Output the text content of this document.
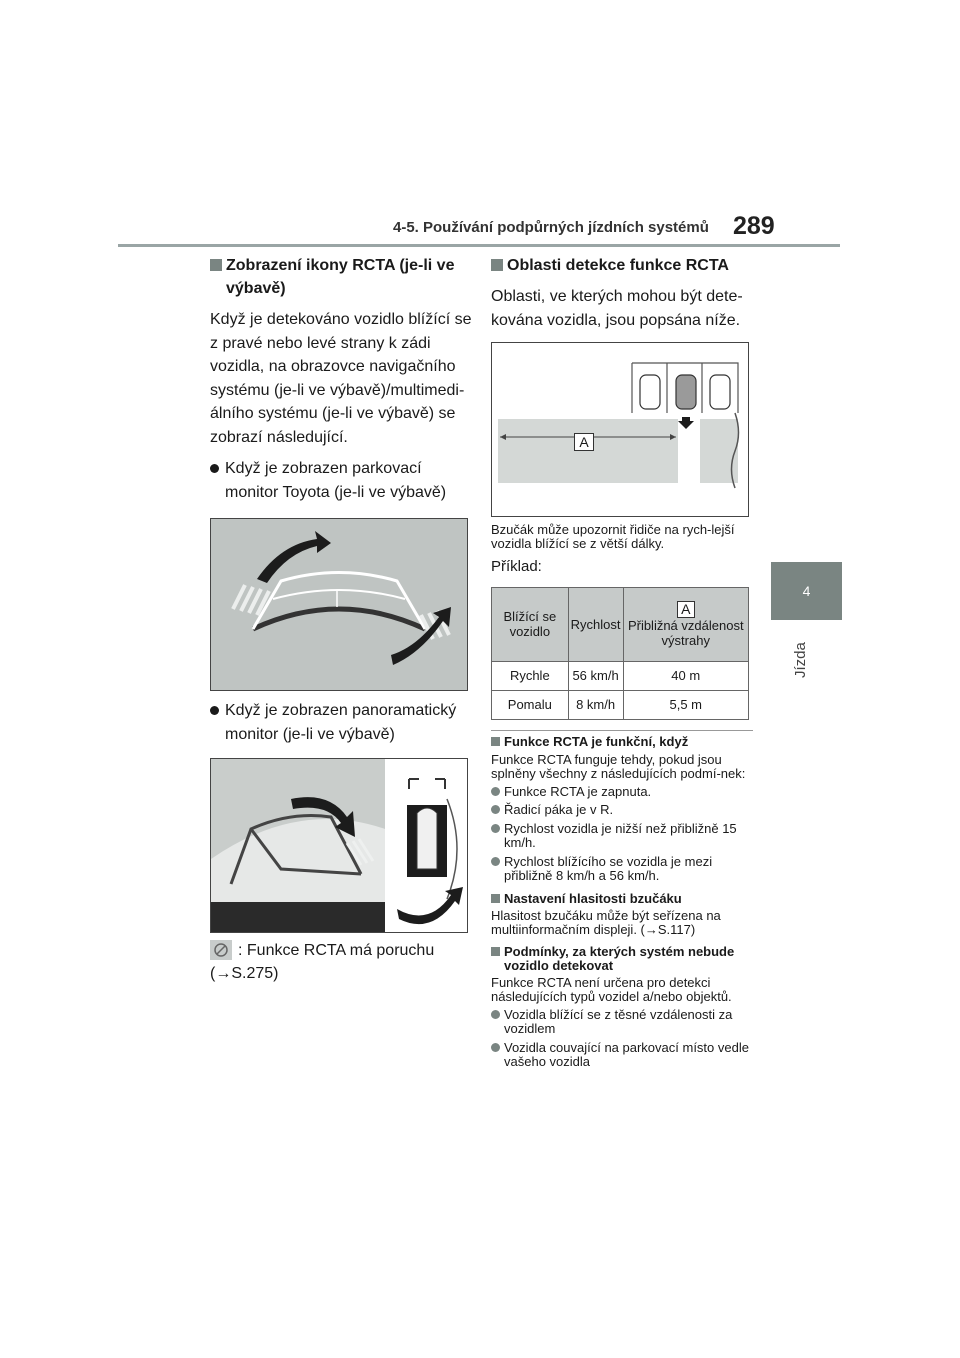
4-5. Používání podpůrných jízdních systémů 289
4
Jízda
Zobrazení ikony RCTA (je-li ve výbavě)
Když je detekováno vozidlo blížící se z pravé nebo levé strany k zádi vozidla, na obrazovce navigačního systému (je-li ve výbavě)/multimedi-álního systému (je-li ve výbavě) se zobrazí následující.
Když je zobrazen parkovací monitor Toyota (je-li ve výbavě)
Když je zobrazen panoramatický monitor (je-li ve výbavě)
: Funkce RCTA má poruchu
(→S.275)
Oblasti detekce funkce RCTA
Oblasti, ve kterých mohou být dete-kována vozidla, jsou popsána níže.
A
Bzučák může upozornit řidiče na rych-lejší vozidla blížící se z větší dálky.
Příklad:
Blížící se vozidlo	Rychlost	A
Přibližná vzdálenost výstrahy
Rychle	56 km/h	40 m
Pomalu	8 km/h	5,5 m
Funkce RCTA je funkční, když
Funkce RCTA funguje tehdy, pokud jsou splněny všechny z následujících podmí-nek:
Funkce RCTA je zapnuta.
Řadicí páka je v R.
Rychlost vozidla je nižší než přibližně 15 km/h.
Rychlost blížícího se vozidla je mezi přibližně 8 km/h a 56 km/h.
Nastavení hlasitosti bzučáku
Hlasitost bzučáku může být seřízena na multiinformačním displeji. (→S.117)
Podmínky, za kterých systém nebude vozidlo detekovat
Funkce RCTA není určena pro detekci následujících typů vozidel a/nebo objektů.
Vozidla blížící se z těsné vzdálenosti za vozidlem
Vozidla couvající na parkovací místo vedle vašeho vozidla
